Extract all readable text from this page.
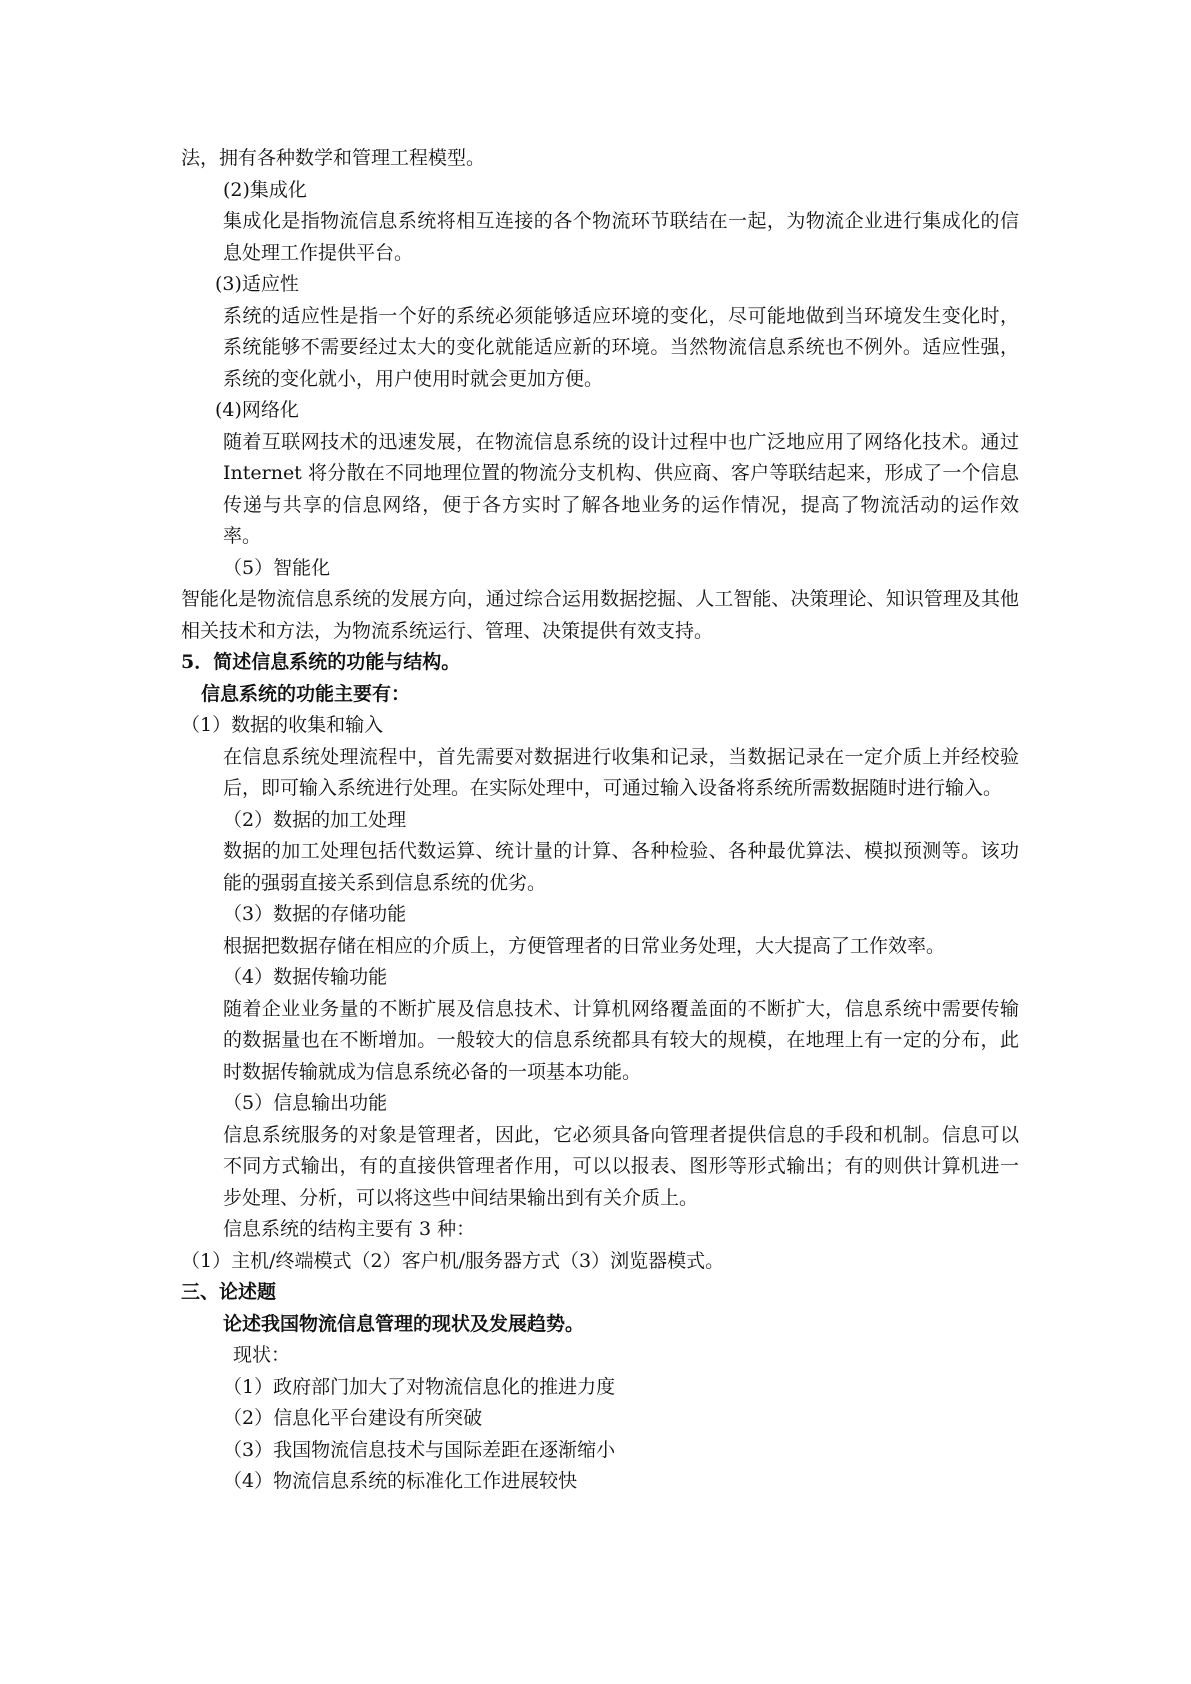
法，拥有各种数学和管理工程模型。

(2)集成化

集成化是指物流信息系统将相互连接的各个物流环节联结在一起，为物流企业进行集成化的信息处理工作提供平台。

(3)适应性

系统的适应性是指一个好的系统必须能够适应环境的变化，尽可能地做到当环境发生变化时，系统能够不需要经过太大的变化就能适应新的环境。当然物流信息系统也不例外。适应性强，系统的变化就小，用户使用时就会更加方便。

(4)网络化

随着互联网技术的迅速发展，在物流信息系统的设计过程中也广泛地应用了网络化技术。通过 Internet 将分散在不同地理位置的物流分支机构、供应商、客户等联结起来，形成了一个信息传递与共享的信息网络，便于各方实时了解各地业务的运作情况，提高了物流活动的运作效率。

（5）智能化

智能化是物流信息系统的发展方向，通过综合运用数据挖掘、人工智能、决策理论、知识管理及其他相关技术和方法，为物流系统运行、管理、决策提供有效支持。

5．简述信息系统的功能与结构。

信息系统的功能主要有：

（1）数据的收集和输入

在信息系统处理流程中，首先需要对数据进行收集和记录，当数据记录在一定介质上并经校验后，即可输入系统进行处理。在实际处理中，可通过输入设备将系统所需数据随时进行输入。

（2）数据的加工处理

数据的加工处理包括代数运算、统计量的计算、各种检验、各种最优算法、模拟预测等。该功能的强弱直接关系到信息系统的优劣。

（3）数据的存储功能

根据把数据存储在相应的介质上，方便管理者的日常业务处理，大大提高了工作效率。

（4）数据传输功能

随着企业业务量的不断扩展及信息技术、计算机网络覆盖面的不断扩大，信息系统中需要传输的数据量也在不断增加。一般较大的信息系统都具有较大的规模，在地理上有一定的分布，此时数据传输就成为信息系统必备的一项基本功能。

（5）信息输出功能

信息系统服务的对象是管理者，因此，它必须具备向管理者提供信息的手段和机制。信息可以不同方式输出，有的直接供管理者作用，可以以报表、图形等形式输出；有的则供计算机进一步处理、分析，可以将这些中间结果输出到有关介质上。

信息系统的结构主要有 3 种：

（1）主机/终端模式（2）客户机/服务器方式（3）浏览器模式。

三、论述题

论述我国物流信息管理的现状及发展趋势。

现状：

（1）政府部门加大了对物流信息化的推进力度

（2）信息化平台建设有所突破

（3）我国物流信息技术与国际差距在逐渐缩小

（4）物流信息系统的标准化工作进展较快
